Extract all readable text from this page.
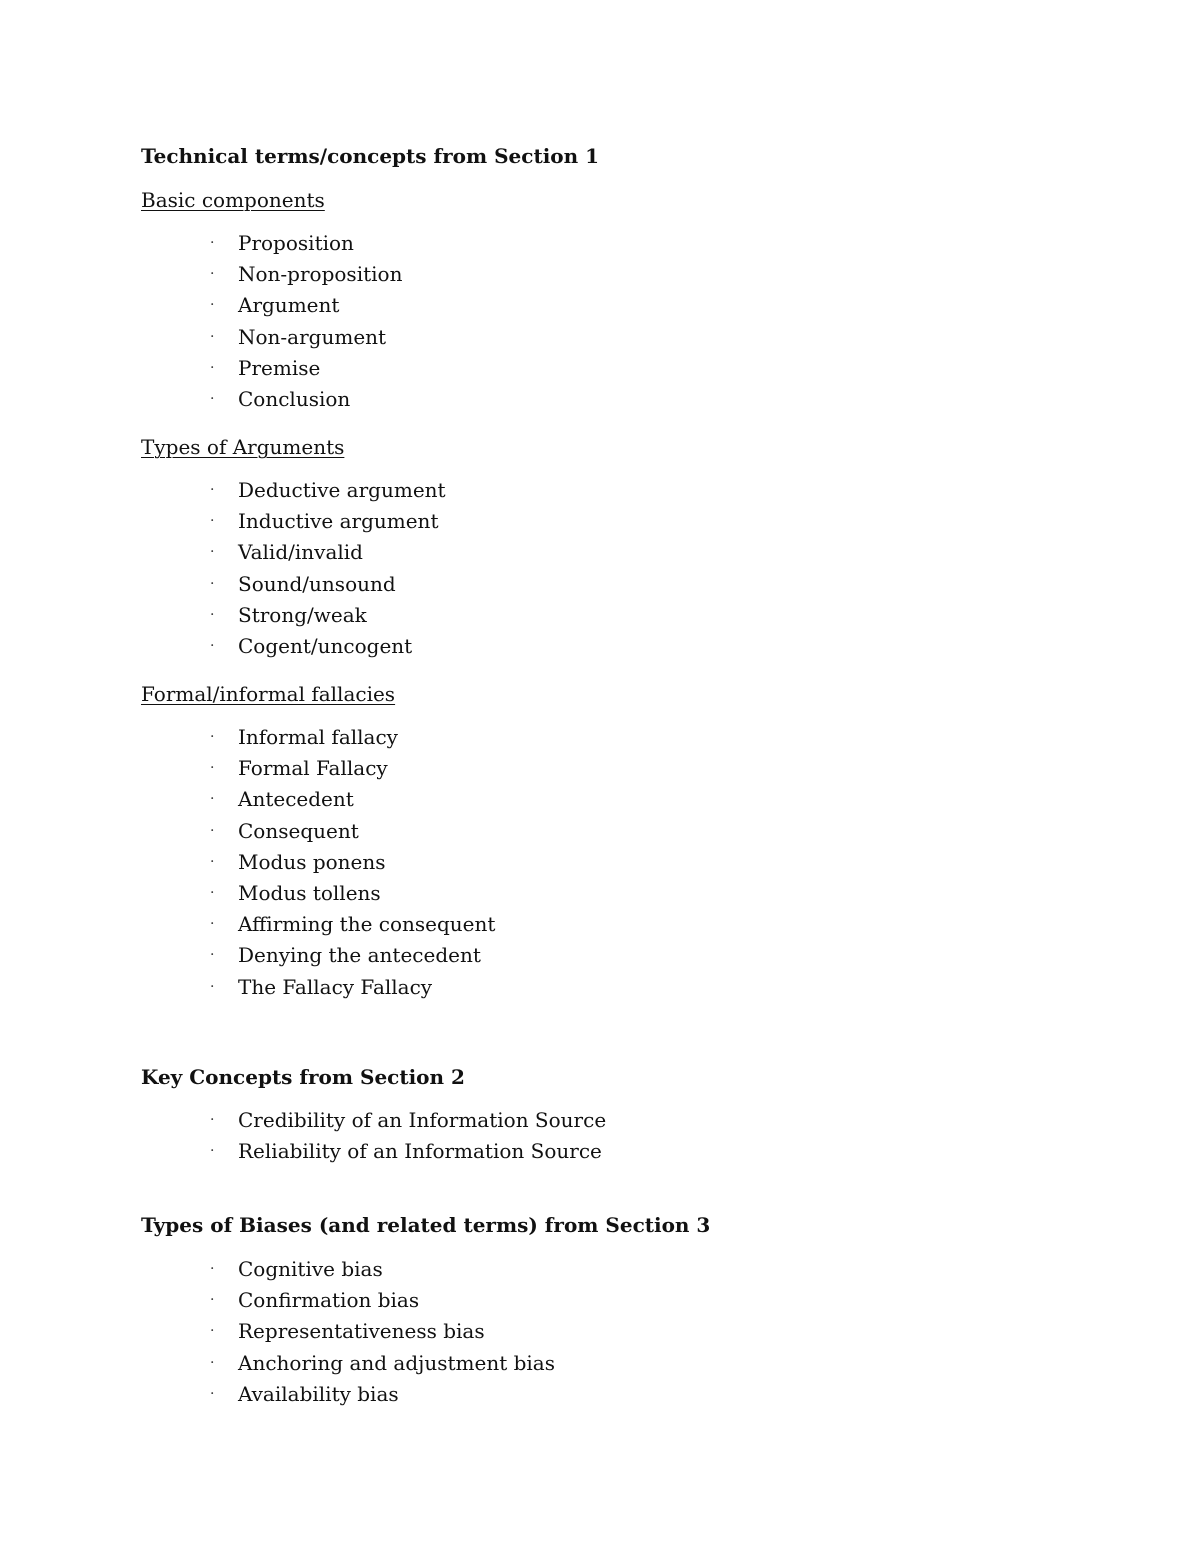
Technical terms/concepts from Section 1
Basic components
· Proposition
· Non-proposition
· Argument
· Non-argument
· Premise
· Conclusion
Types of Arguments
· Deductive argument
· Inductive argument
· Valid/invalid
· Sound/unsound
· Strong/weak
· Cogent/uncogent
Formal/informal fallacies
· Informal fallacy
· Formal Fallacy
· Antecedent
· Consequent
· Modus ponens
· Modus tollens
· Affirming the consequent
· Denying the antecedent
· The Fallacy Fallacy
Key Concepts from Section 2
· Credibility of an Information Source
· Reliability of an Information Source
Types of Biases (and related terms) from Section 3
· Cognitive bias
· Confirmation bias
· Representativeness bias
· Anchoring and adjustment bias
· Availability bias
